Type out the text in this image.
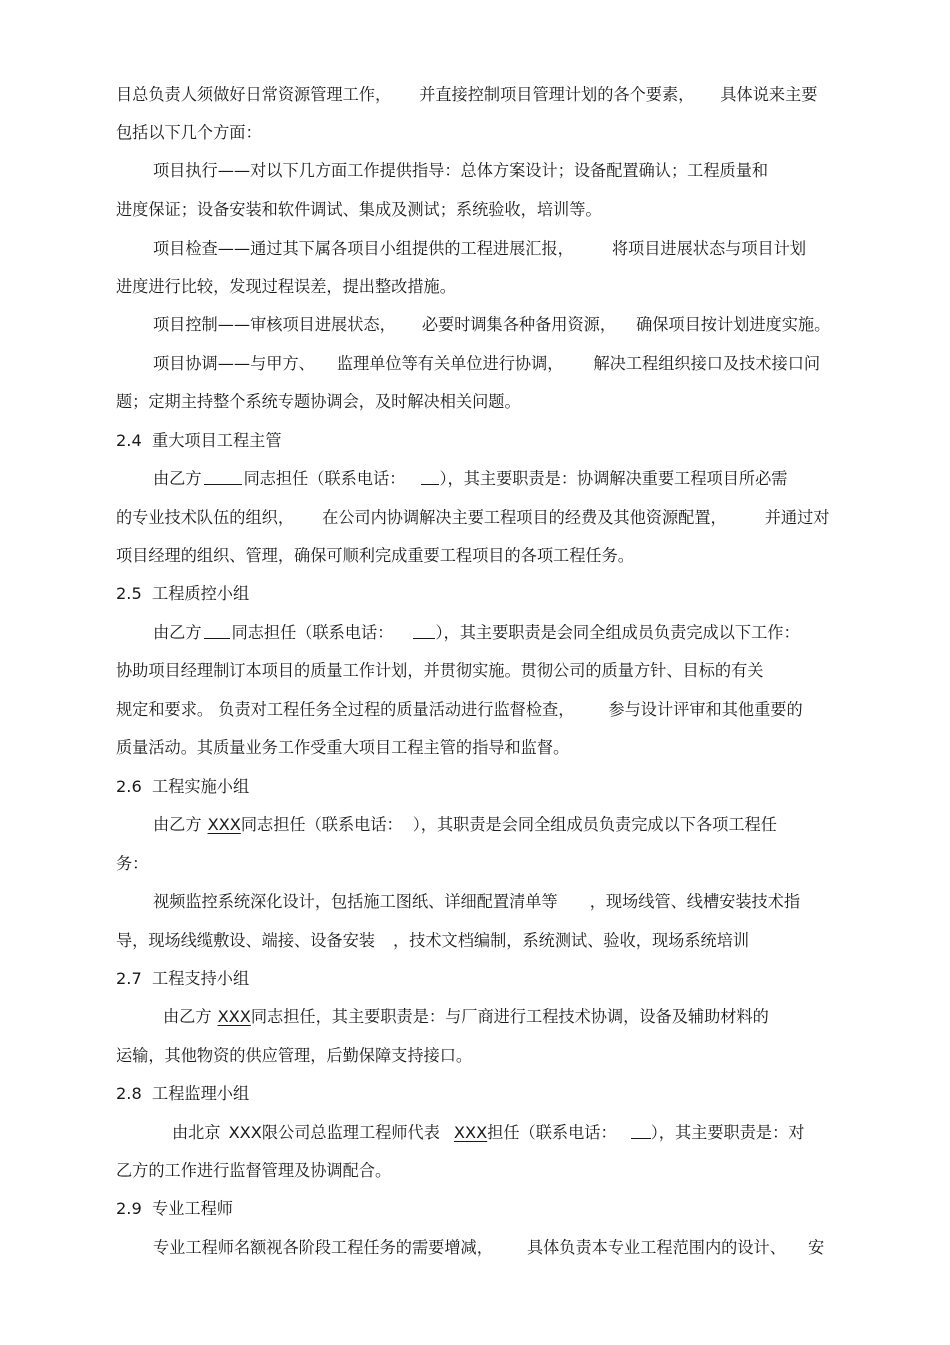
目总负责人须做好日常资源管理工作， 并直接控制项目管理计划的各个要素， 具体说来主要
包括以下几个方面：
项目执行——对以下几方面工作提供指导：总体方案设计；设备配置确认；工程质量和
进度保证；设备安装和软件调试、集成及测试；系统验收，培训等。
项目检查——通过其下属各项目小组提供的工程进展汇报， 将项目进展状态与项目计划
进度进行比较，发现过程误差，提出整改措施。
项目控制——审核项目进展状态， 必要时调集各种备用资源， 确保项目按计划进度实施。
项目协调——与甲方、 监理单位等有关单位进行协调， 解决工程组织接口及技术接口问
题；定期主持整个系统专题协调会，及时解决相关问题。
2.4  重大项目工程主管
由乙方	同志担任（联系电话： ），其主要职责是：协调解决重要工程项目所必需
的专业技术队伍的组织， 在公司内协调解决主要工程项目的经费及其他资源配置， 并通过对
项目经理的组织、管理，确保可顺利完成重要工程项目的各项工程任务。
2.5  工程质控小组
由乙方 同志担任（联系电话：	），其主要职责是会同全组成员负责完成以下工作：
协助项目经理制订本项目的质量工作计划，并贯彻实施。贯彻公司的质量方针、目标的有关
规定和要求。 负责对工程任务全过程的质量活动进行监督检查， 参与设计评审和其他重要的
质量活动。其质量业务工作受重大项目工程主管的指导和监督。
2.6  工程实施小组
由乙方 XXX同志担任（联系电话： ），其职责是会同全组成员负责完成以下各项工程任
务：
视频监控系统深化设计，包括施工图纸、详细配置清单等 ，现场线管、线槽安装技术指
导，现场线缆敷设、端接、设备安装 ，技术文档编制，系统测试、验收，现场系统培训
2.7  工程支持小组
由乙方 XXX同志担任，其主要职责是：与厂商进行工程技术协调，设备及辅助材料的
运输，其他物资的供应管理，后勤保障支持接口。
2.8  工程监理小组
由北京 XXX限公司总监理工程师代表 XXX担任（联系电话： ），其主要职责是：对
乙方的工作进行监督管理及协调配合。
2.9  专业工程师
专业工程师名额视各阶段工程任务的需要增减， 具体负责本专业工程范围内的设计、 安
